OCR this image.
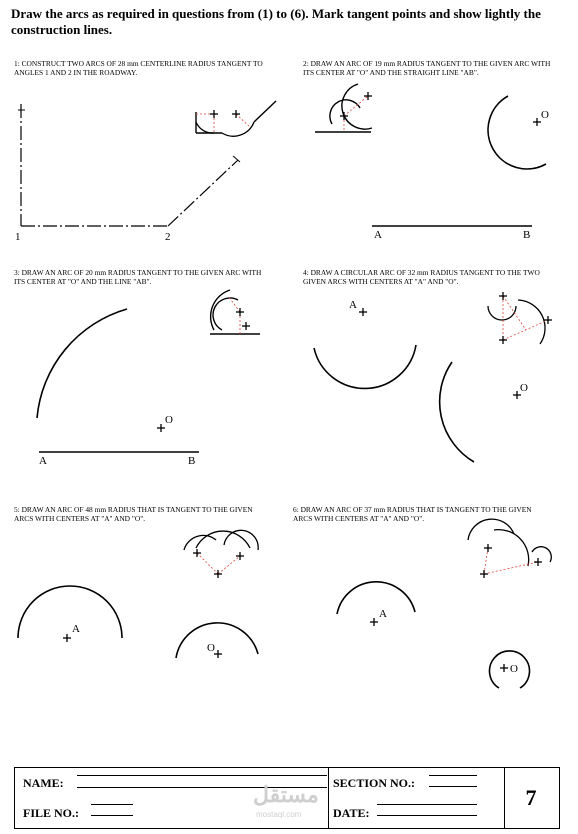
Draw the arcs as required in questions from (1) to (6). Mark tangent points and show lightly the construction lines.
1: CONSTRUCT TWO ARCS OF 28 mm CENTERLINE RADIUS TANGENT TO ANGLES 1 AND 2 IN THE ROADWAY.
2: DRAW AN ARC OF 19 mm RADIUS TANGENT TO THE GIVEN ARC WITH ITS CENTER AT "O" AND THE STRAIGHT LINE "AB".
3: DRAW AN ARC OF 20 mm RADIUS TANGENT TO THE GIVEN ARC WITH ITS CENTER AT "O" AND THE LINE "AB".
4: DRAW A CIRCULAR ARC OF 32 mm RADIUS TANGENT TO THE TWO GIVEN ARCS WITH CENTERS AT "A" AND "O".
5: DRAW AN ARC OF 48 mm RADIUS THAT IS TANGENT TO THE GIVEN ARCS WITH CENTERS AT "A" AND "O".
6: DRAW AN ARC OF 37 mm RADIUS THAT IS TANGENT TO THE GIVEN ARCS WITH CENTERS AT "A" AND "O".
1	2	A	B
O
A	B
O
A
O
A
O
A
O
NAME:
FILE NO.:
SECTION NO.:
DATE:
7
مستقل
mostaql.com
